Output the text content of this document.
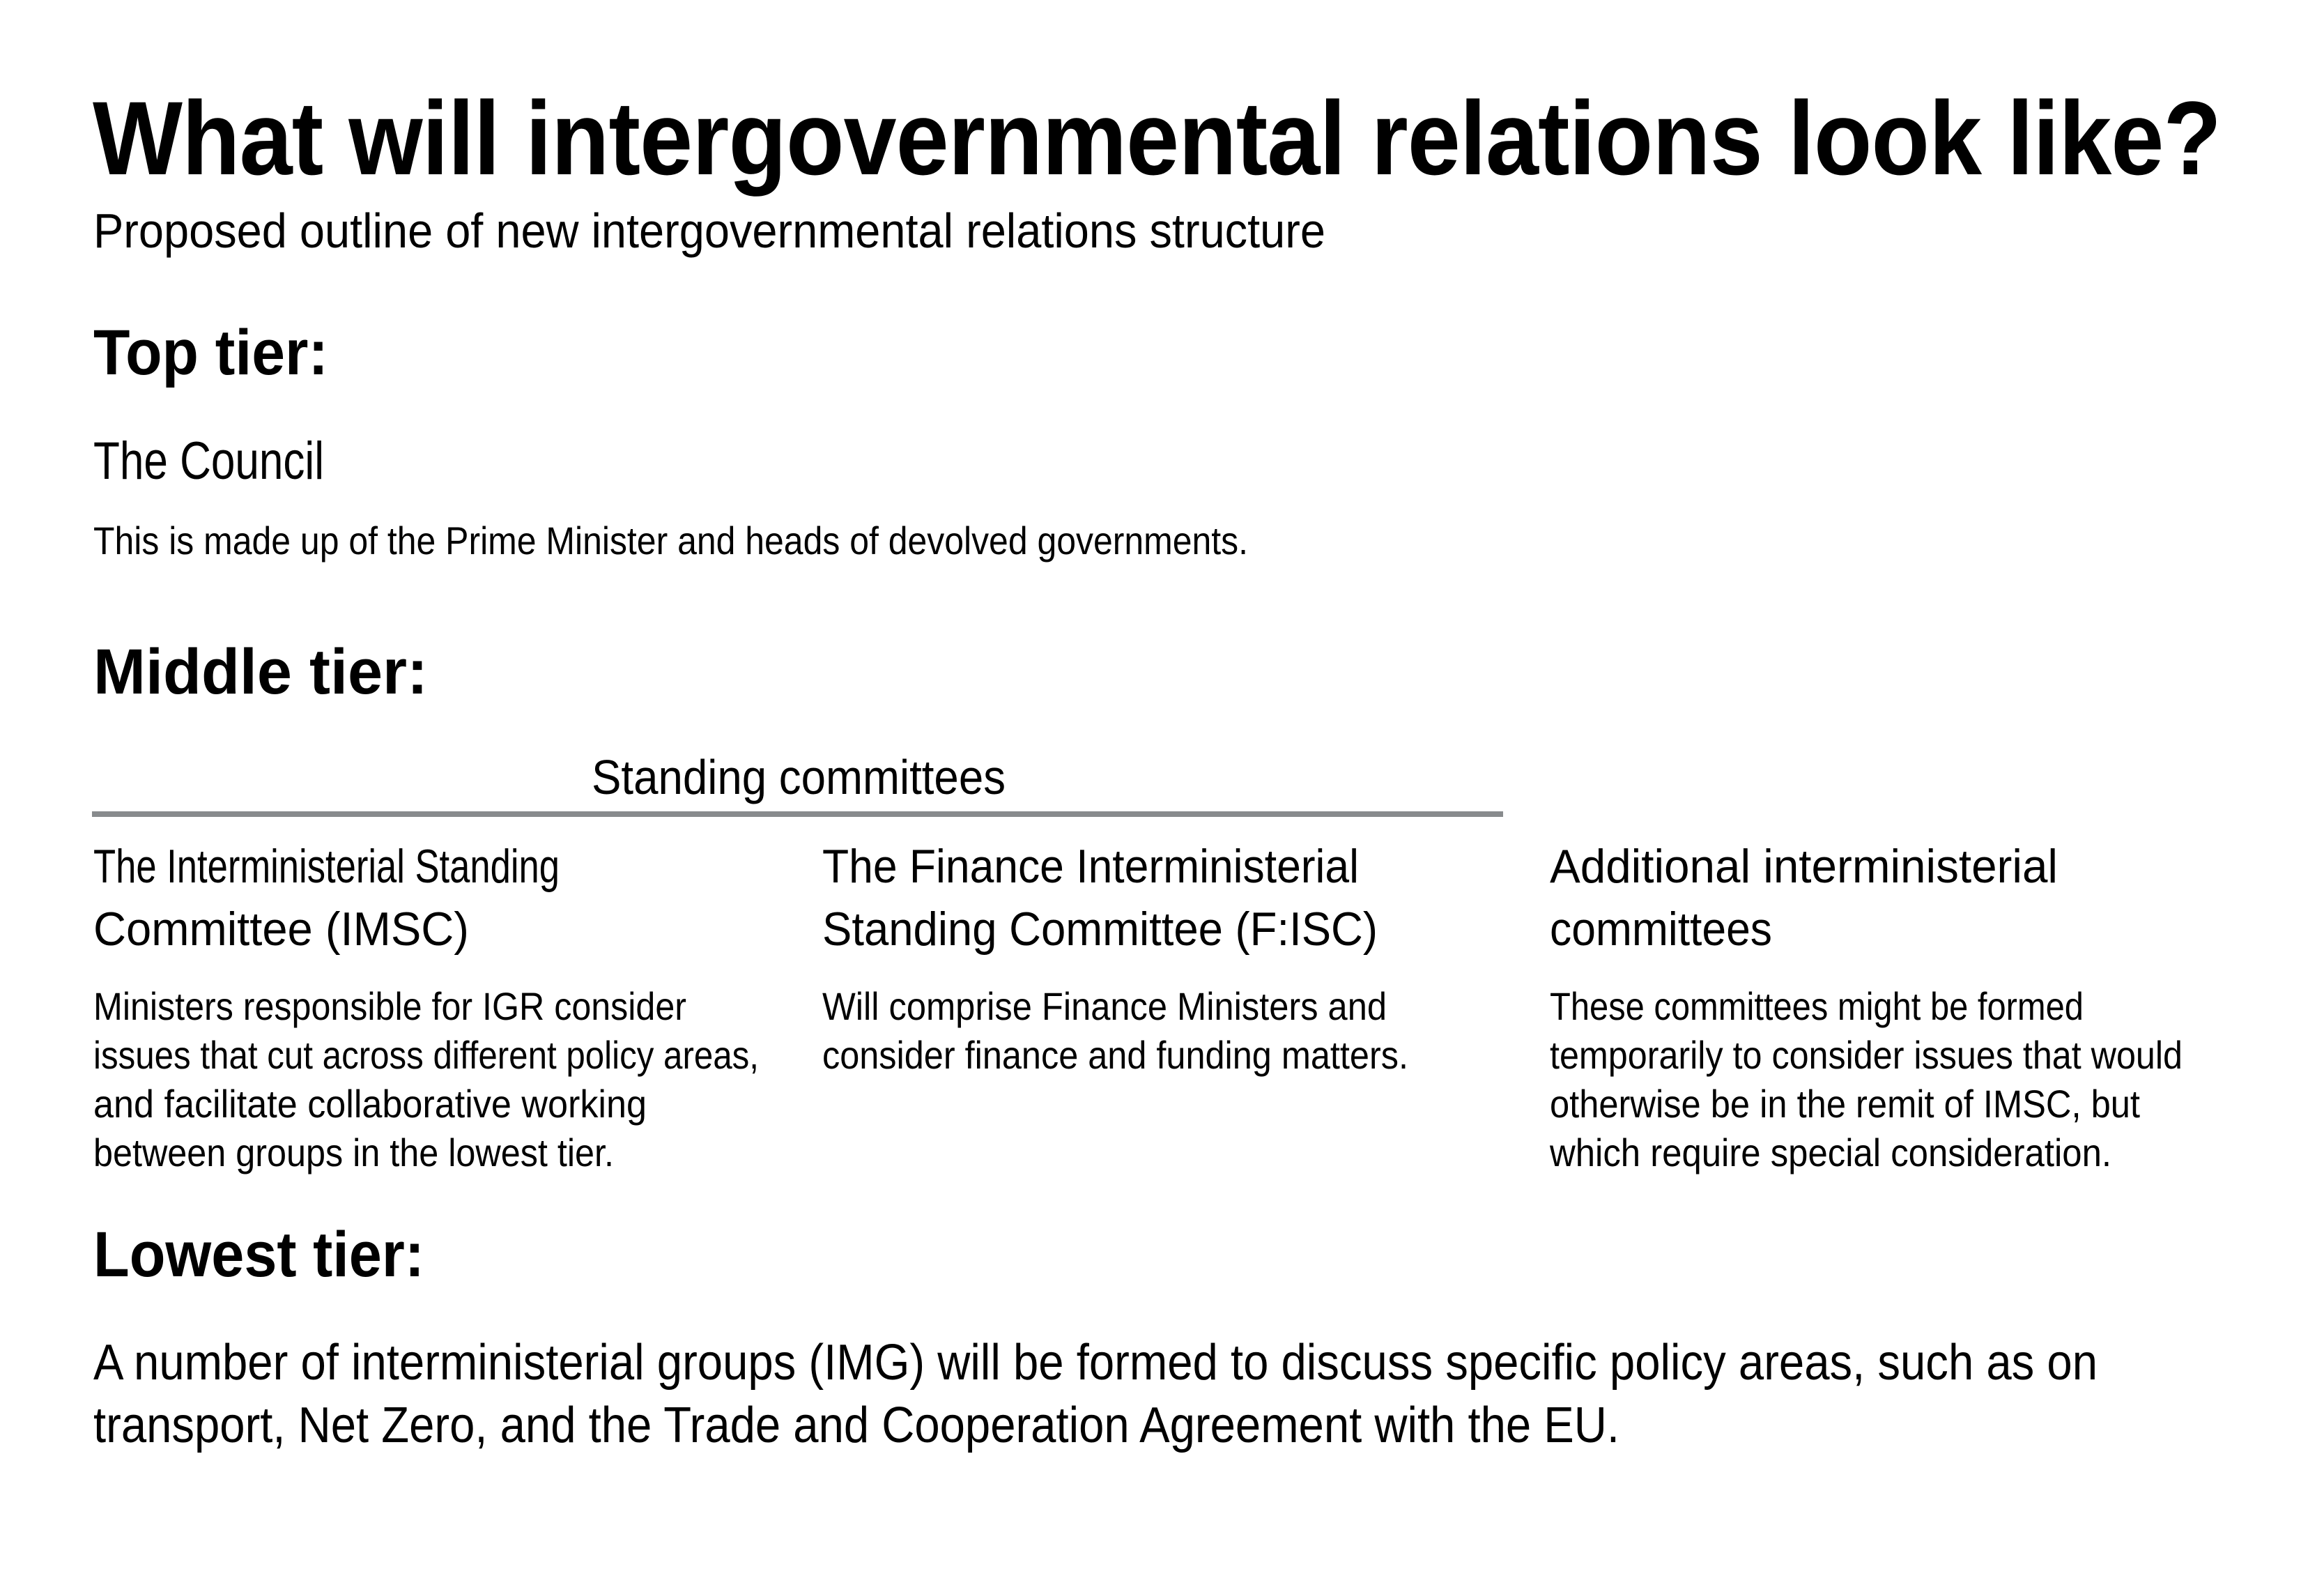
What will intergovernmental relations look like?
Proposed outline of new intergovernmental relations structure
Top tier:
The Council
This is made up of the Prime Minister and heads of devolved governments.
Middle tier:
Standing committees
The Interministerial Standing
Committee (IMSC)
Ministers responsible for IGR consider
issues that cut across different policy areas,
and facilitate collaborative working
between groups in the lowest tier.
The Finance Interministerial
Standing Committee (F:ISC)
Will comprise Finance Ministers and
consider finance and funding matters.
Additional interministerial
committees
These committees might be formed
temporarily to consider issues that would
otherwise be in the remit of IMSC, but
which require special consideration.
Lowest tier:
A number of interministerial groups (IMG) will be formed to discuss specific policy areas, such as on
transport, Net Zero, and the Trade and Cooperation Agreement with the EU.
